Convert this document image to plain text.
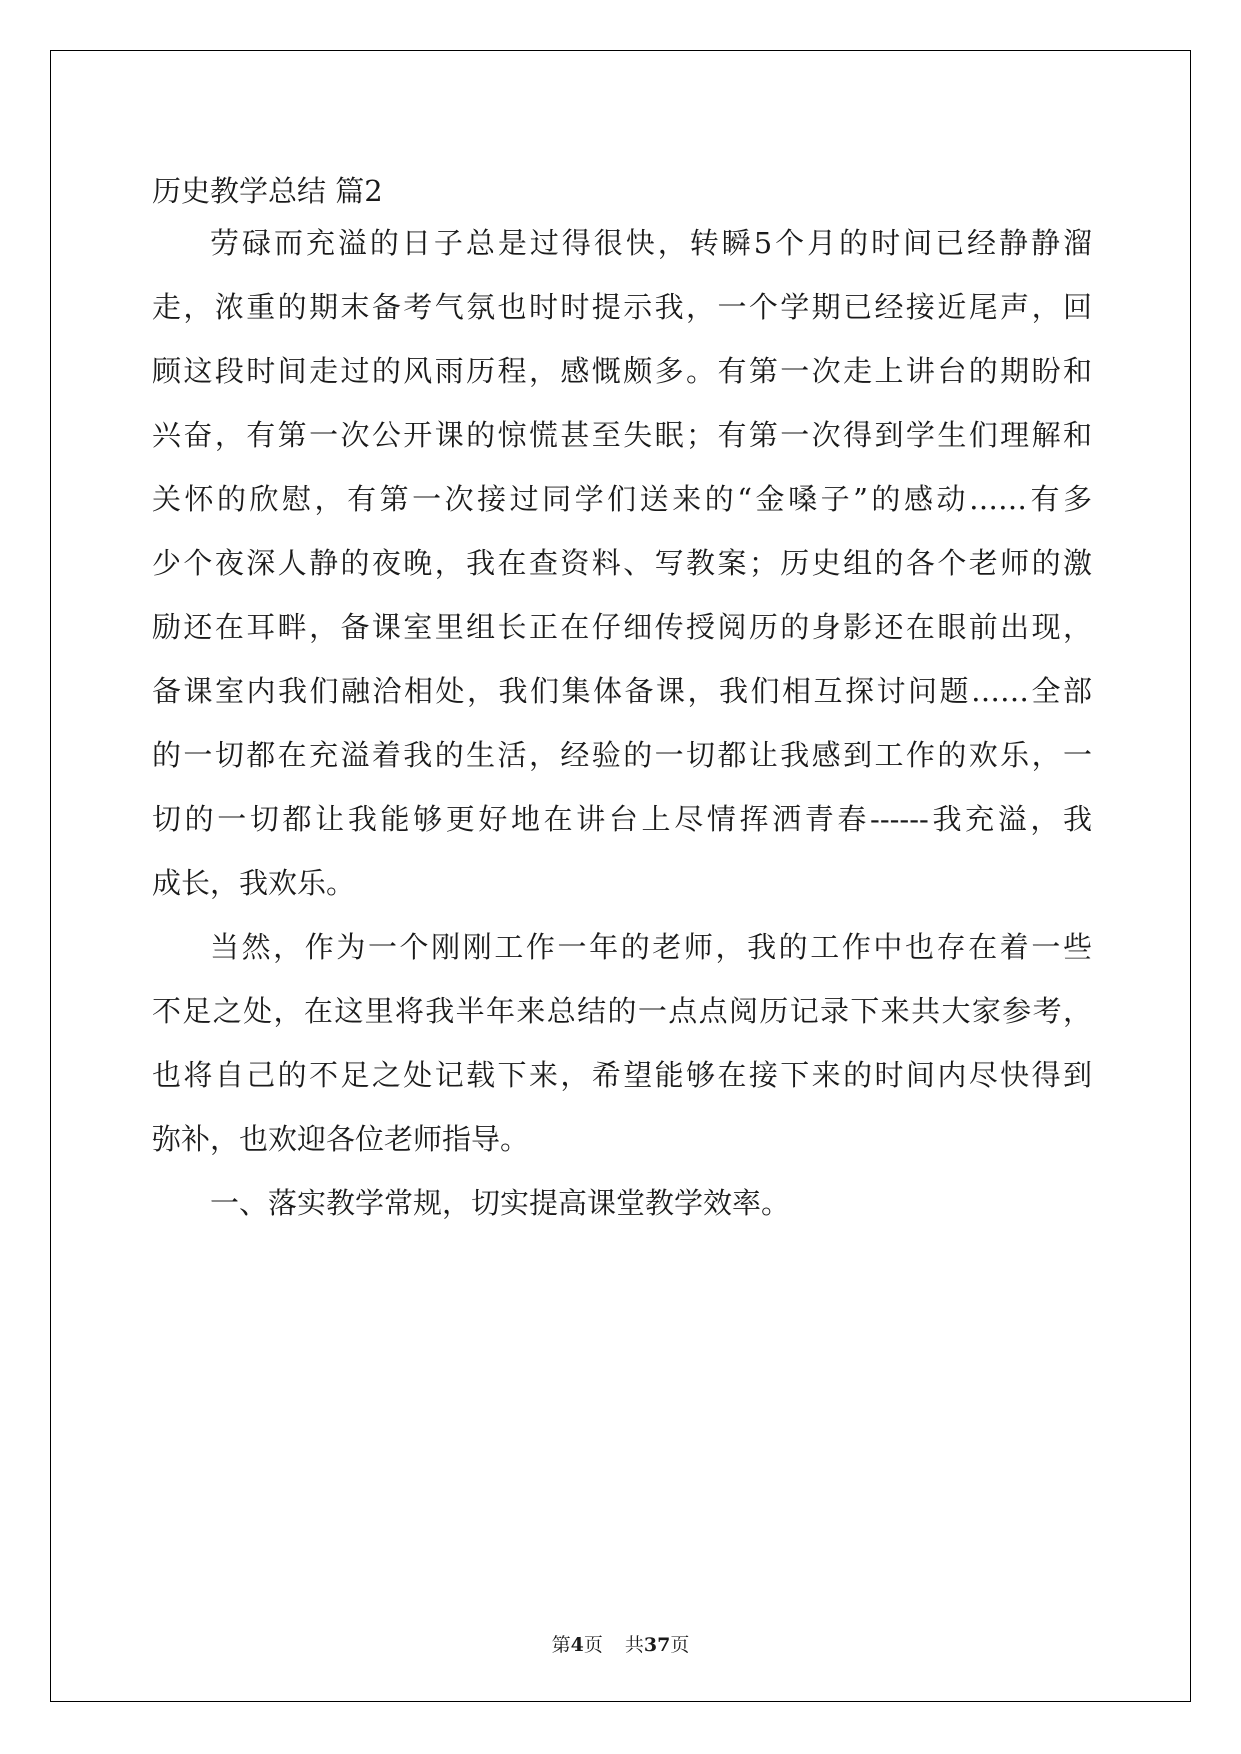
历史教学总结 篇2
劳碌而充溢的日子总是过得很快，转瞬5个月的时间已经静静溜
走，浓重的期末备考气氛也时时提示我，一个学期已经接近尾声，回
顾这段时间走过的风雨历程，感慨颇多。有第一次走上讲台的期盼和
兴奋，有第一次公开课的惊慌甚至失眠；有第一次得到学生们理解和
关怀的欣慰，有第一次接过同学们送来的“金嗓子”的感动……有多
少个夜深人静的夜晚，我在查资料、写教案；历史组的各个老师的激
励还在耳畔，备课室里组长正在仔细传授阅历的身影还在眼前出现，
备课室内我们融洽相处，我们集体备课，我们相互探讨问题……全部
的一切都在充溢着我的生活，经验的一切都让我感到工作的欢乐，一
切的一切都让我能够更好地在讲台上尽情挥洒青春------我充溢，我
成长，我欢乐。
当然，作为一个刚刚工作一年的老师，我的工作中也存在着一些
不足之处，在这里将我半年来总结的一点点阅历记录下来共大家参考，
也将自己的不足之处记载下来，希望能够在接下来的时间内尽快得到
弥补，也欢迎各位老师指导。
一、落实教学常规，切实提高课堂教学效率。
第4页 共37页
